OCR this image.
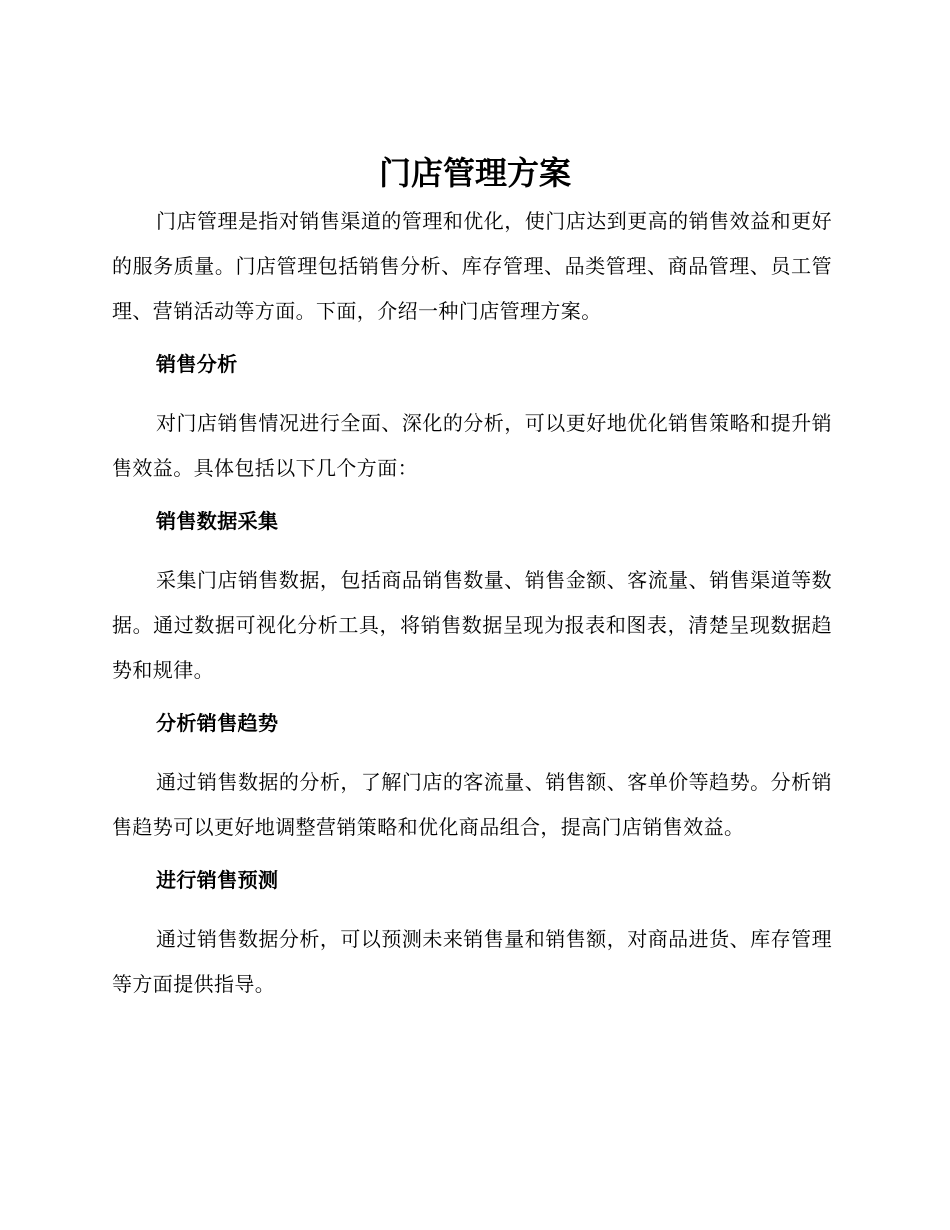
门店管理方案

门店管理是指对销售渠道的管理和优化，使门店达到更高的销售效益和更好的服务质量。门店管理包括销售分析、库存管理、品类管理、商品管理、员工管理、营销活动等方面。下面，介绍一种门店管理方案。

销售分析

对门店销售情况进行全面、深化的分析，可以更好地优化销售策略和提升销售效益。具体包括以下几个方面：

销售数据采集

采集门店销售数据，包括商品销售数量、销售金额、客流量、销售渠道等数据。通过数据可视化分析工具，将销售数据呈现为报表和图表，清楚呈现数据趋势和规律。

分析销售趋势

通过销售数据的分析，了解门店的客流量、销售额、客单价等趋势。分析销售趋势可以更好地调整营销策略和优化商品组合，提高门店销售效益。

进行销售预测

通过销售数据分析，可以预测未来销售量和销售额，对商品进货、库存管理等方面提供指导。
